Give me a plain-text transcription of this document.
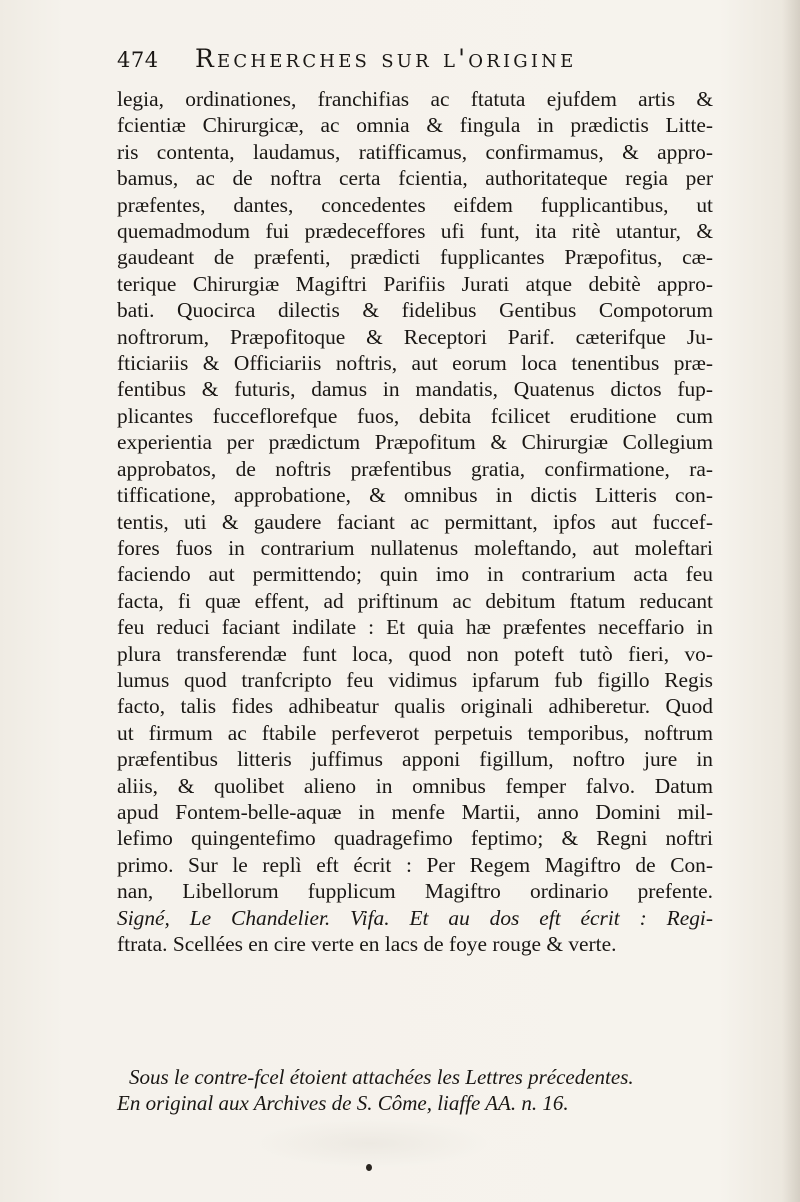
474 Recherches sur l'origine
legia, ordinationes, franchifias ac ftatuta ejufdem artis &
fcientiæ Chirurgicæ, ac omnia & fingula in prædictis Litte-
ris contenta, laudamus, ratifficamus, confirmamus, & appro-
bamus, ac de noftra certa fcientia, authoritateque regia per
præfentes, dantes, concedentes eifdem fupplicantibus, ut
quemadmodum fui prædeceffores ufi funt, ita ritè utantur, &
gaudeant de præfenti, prædicti fupplicantes Præpofitus, cæ-
terique Chirurgiæ Magiftri Parifiis Jurati atque debitè appro-
bati. Quocirca dilectis & fidelibus Gentibus Compotorum
noftrorum, Præpofitoque & Receptori Parif. cæterifque Ju-
fticiariis & Officiariis noftris, aut eorum loca tenentibus præ-
fentibus & futuris, damus in mandatis, Quatenus dictos fup-
plicantes fucceflorefque fuos, debita fcilicet eruditione cum
experientia per prædictum Præpofitum & Chirurgiæ Collegium
approbatos, de noftris præfentibus gratia, confirmatione, ra-
tifficatione, approbatione, & omnibus in dictis Litteris con-
tentis, uti & gaudere faciant ac permittant, ipfos aut fuccef-
fores fuos in contrarium nullatenus moleftando, aut moleftari
faciendo aut permittendo; quin imo in contrarium acta feu
facta, fi quæ effent, ad priftinum ac debitum ftatum reducant
feu reduci faciant indilate : Et quia hæ præfentes neceffario in
plura transferendæ funt loca, quod non poteft tutò fieri, vo-
lumus quod tranfcripto feu vidimus ipfarum fub figillo Regis
facto, talis fides adhibeatur qualis originali adhiberetur. Quod
ut firmum ac ftabile perfeverot perpetuis temporibus, noftrum
præfentibus litteris juffimus apponi figillum, noftro jure in
aliis, & quolibet alieno in omnibus femper falvo. Datum
apud Fontem-belle-aquæ in menfe Martii, anno Domini mil-
lefimo quingentefimo quadragefimo feptimo; & Regni noftri
primo. Sur le replì eft écrit : Per Regem Magiftro de Con-
nan, Libellorum fupplicum Magiftro ordinario prefente.
Signé, Le Chandelier. Vifa. Et au dos eft écrit : Regi-
ftrata. Scellées en cire verte en lacs de foye rouge & verte.
Sous le contre-fcel étoient attachées les Lettres précedentes.
En original aux Archives de S. Côme, liaffe AA. n. 16.
